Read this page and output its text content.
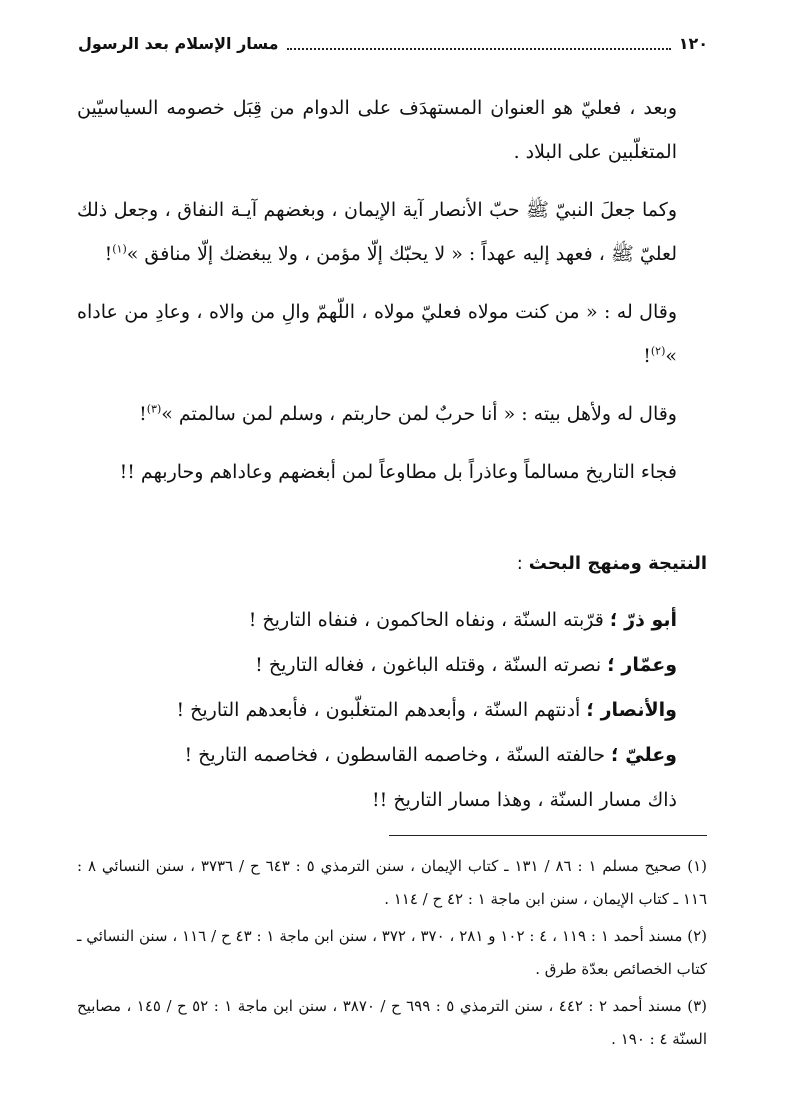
١٢٠
مسار الإسلام بعد الرسول

وبعد ، فعليّ هو العنوان المستهدَف على الدوام من قِبَل خصومه السياسيّين المتغلّبين على البلاد .

وكما جعلَ النبيّ ﷺ حبّ الأنصار آية الإيمان ، وبغضهم آيـة النفاق ، وجعل ذلك لعليّ ﷺ ، فعهد إليه عهداً : « لا يحبّك إلّا مؤمن ، ولا يبغضك إلّا منافق »$^{(١)}$!

وقال له : « من كنت مولاه فعليّ مولاه ، اللّهمّ والِ من والاه ، وعادِ من عاداه »$^{(٢)}$!

وقال له ولأهل بيته : « أنا حربٌ لمن حاربتم ، وسلم لمن سالمتم »$^{(٣)}$!

فجاء التاريخ مسالماً وعاذراً بل مطاوعاً لمن أبغضهم وعاداهم وحاربهم !!

النتيجة ومنهج البحث:
أبو ذرّ ؛ قرّبته السنّة ، ونفاه الحاكمون ، فنفاه التاريخ !
وعمّار ؛ نصرته السنّة ، وقتله الباغون ، فغاله التاريخ !
والأنصار ؛ أدنتهم السنّة ، وأبعدهم المتغلّبون ، فأبعدهم التاريخ !
وعليّ ؛ حالفته السنّة ، وخاصمه القاسطون ، فخاصمه التاريخ !
ذاك مسار السنّة ، وهذا مسار التاريخ !!

(١) صحيح مسلم ١ : ٨٦ / ١٣١ ـ كتاب الإيمان ، سنن الترمذي ٥ : ٦٤٣ ح / ٣٧٣٦ ، سنن النسائي ٨ : ١١٦ ـ كتاب الإيمان ، سنن ابن ماجة ١ : ٤٢ ح / ١١٤ .

(٢) مسند أحمد ١ : ١١٩ ، ٤ : ١٠٢ و ٢٨١ ، ٣٧٠ ، ٣٧٢ ، سنن ابن ماجة ١ : ٤٣ ح / ١١٦ ، سنن النسائي ـ كتاب الخصائص بعدّة طرق .

(٣) مسند أحمد ٢ : ٤٤٢ ، سنن الترمذي ٥ : ٦٩٩ ح / ٣٨٧٠ ، سنن ابن ماجة ١ : ٥٢ ح / ١٤٥ ، مصابيح السنّة ٤ : ١٩٠ .
